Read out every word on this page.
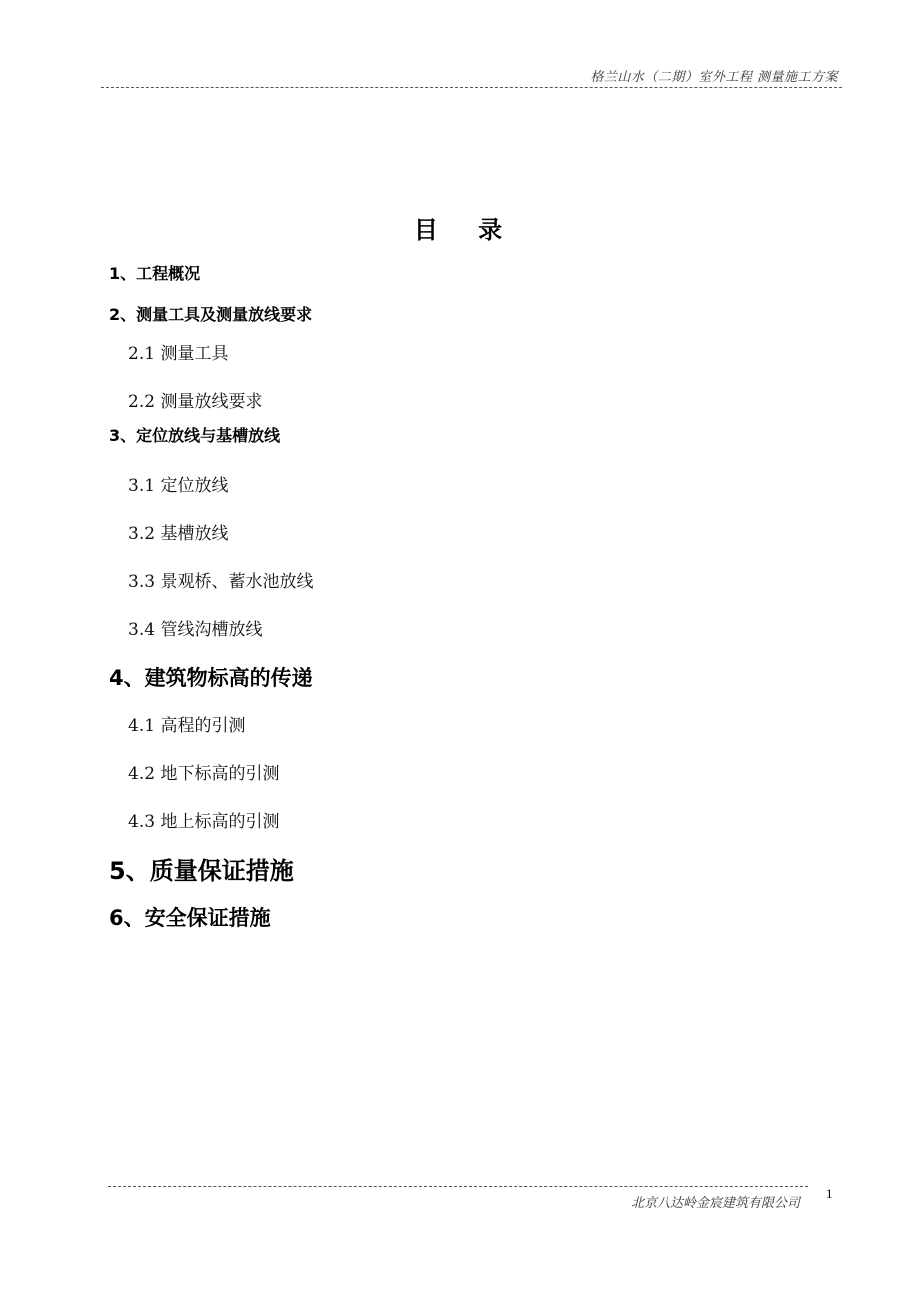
格兰山水（二期）室外工程 测量施工方案
目 录
1、工程概况
2、测量工具及测量放线要求
2.1 测量工具
2.2 测量放线要求
3、定位放线与基槽放线
3.1 定位放线
3.2 基槽放线
3.3 景观桥、蓄水池放线
3.4 管线沟槽放线
4、建筑物标高的传递
4.1 高程的引测
4.2 地下标高的引测
4.3 地上标高的引测
5、质量保证措施
6、安全保证措施
北京八达岭金宸建筑有限公司
1
